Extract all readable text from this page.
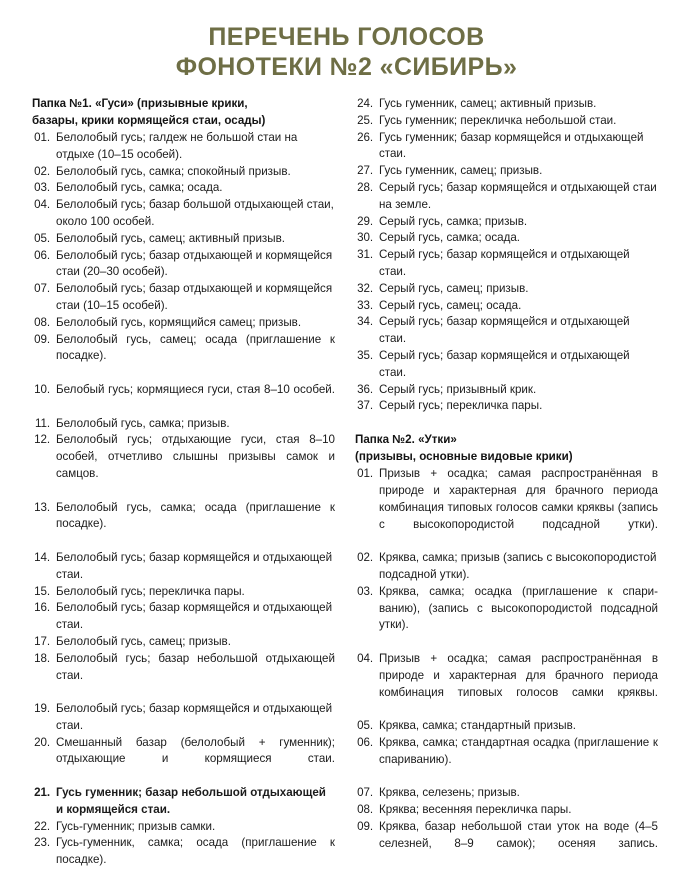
ПЕРЕЧЕНЬ ГОЛОСОВ
ФОНОТЕКИ №2 «СИБИРЬ»
Папка №1. «Гуси» (призывные крики,
базары, крики кормящейся стаи, осады)
01. Белолобый гусь; галдеж не большой стаи на отдыхе (10–15 особей).
02. Белолобый гусь, самка; спокойный призыв.
03. Белолобый гусь, самка; осада.
04. Белолобый гусь; базар большой отдыхающей стаи, около 100 особей.
05. Белолобый гусь, самец; активный призыв.
06. Белолобый гусь; базар отдыхающей и кормящейся стаи (20–30 особей).
07. Белолобый гусь; базар отдыхающей и кормящейся стаи (10–15 особей).
08. Белолобый гусь, кормящийся самец; призыв.
09. Белолобый гусь, самец; осада (приглашение к посадке).
10. Белобый гусь; кормящиеся гуси, стая 8–10 особей.
11. Белолобый гусь, самка; призыв.
12. Белолобый гусь; отдыхающие гуси, стая 8–10 особей, отчетливо слышны призывы самок и самцов.
13. Белолобый гусь, самка; осада (приглашение к посадке).
14. Белолобый гусь; базар кормящейся и отдыхающей стаи.
15. Белолобый гусь; перекличка пары.
16. Белолобый гусь; базар кормящейся и отдыхающей стаи.
17. Белолобый гусь, самец; призыв.
18. Белолобый гусь; базар небольшой отдыхающей стаи.
19. Белолобый гусь; базар кормящейся и отдыхающей стаи.
20. Смешанный базар (белолобый + гуменник); отдыхающие и кормящиеся стаи.
21. Гусь гуменник; базар небольшой отдыхающей и кормящейся стаи.
22. Гусь-гуменник; призыв самки.
23. Гусь-гуменник, самка; осада (приглашение к посадке).
24. Гусь гуменник, самец; активный призыв.
25. Гусь гуменник; перекличка небольшой стаи.
26. Гусь гуменник; базар кормящейся и отдыхающей стаи.
27. Гусь гуменник, самец; призыв.
28. Серый гусь; базар кормящейся и отдыхающей стаи на земле.
29. Серый гусь, самка; призыв.
30. Серый гусь, самка; осада.
31. Серый гусь; базар кормящейся и отдыхающей стаи.
32. Серый гусь, самец; призыв.
33. Серый гусь, самец; осада.
34. Серый гусь; базар кормящейся и отдыхающей стаи.
35. Серый гусь; базар кормящейся и отдыхающей стаи.
36. Серый гусь; призывный крик.
37. Серый гусь; перекличка пары.
Папка №2. «Утки»
(призывы, основные видовые крики)
01. Призыв + осадка; самая распространённая в природе и характерная для брачного периода комбинация типовых голосов самки кряквы (запись с высокопородистой подсадной утки).
02. Кряква, самка; призыв (запись с высокопородистой подсадной утки).
03. Кряква, самка; осадка (приглашение к спариванию), (запись с высокопородистой подсадной утки).
04. Призыв + осадка; самая распространённая в природе и характерная для брачного периода комбинация типовых голосов самки кряквы.
05. Кряква, самка; стандартный призыв.
06. Кряква, самка; стандартная осадка (приглашение к спариванию).
07. Кряква, селезень; призыв.
08. Кряква; весенняя перекличка пары.
09. Кряква, базар небольшой стаи уток на воде (4–5 селезней, 8–9 самок); осеняя запись.
